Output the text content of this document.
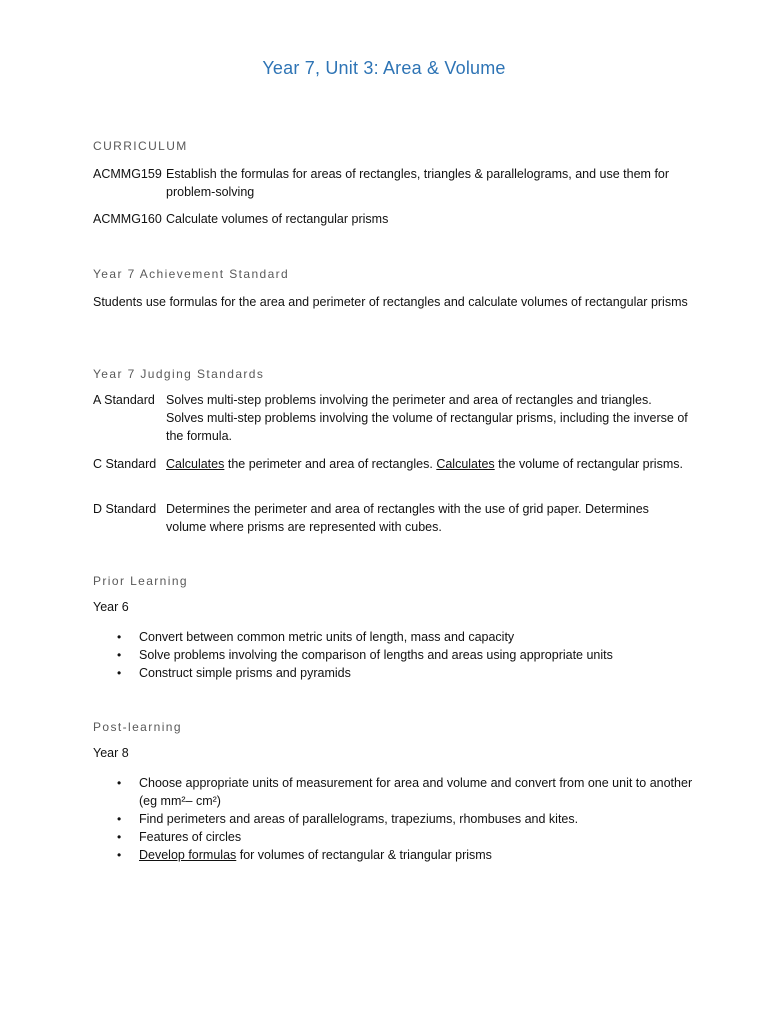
Year 7, Unit 3: Area & Volume
CURRICULUM
ACMMG159 Establish the formulas for areas of rectangles, triangles & parallelograms, and use them for problem-solving
ACMMG160 Calculate volumes of rectangular prisms
Year 7 Achievement Standard
Students use formulas for the area and perimeter of rectangles and calculate volumes of rectangular prisms
Year 7 Judging Standards
A Standard Solves multi-step problems involving the perimeter and area of rectangles and triangles.
Solves multi-step problems involving the volume of rectangular prisms, including the inverse of the formula.
C Standard Calculates the perimeter and area of rectangles. Calculates the volume of rectangular prisms.
D Standard Determines the perimeter and area of rectangles with the use of grid paper. Determines volume where prisms are represented with cubes.
Prior Learning
Year 6
• Convert between common metric units of length, mass and capacity
• Solve problems involving the comparison of lengths and areas using appropriate units
• Construct simple prisms and pyramids
Post-learning
Year 8
• Choose appropriate units of measurement for area and volume and convert from one unit to another (eg mm²– cm²)
• Find perimeters and areas of parallelograms, trapeziums, rhombuses and kites.
• Features of circles
• Develop formulas for volumes of rectangular & triangular prisms
